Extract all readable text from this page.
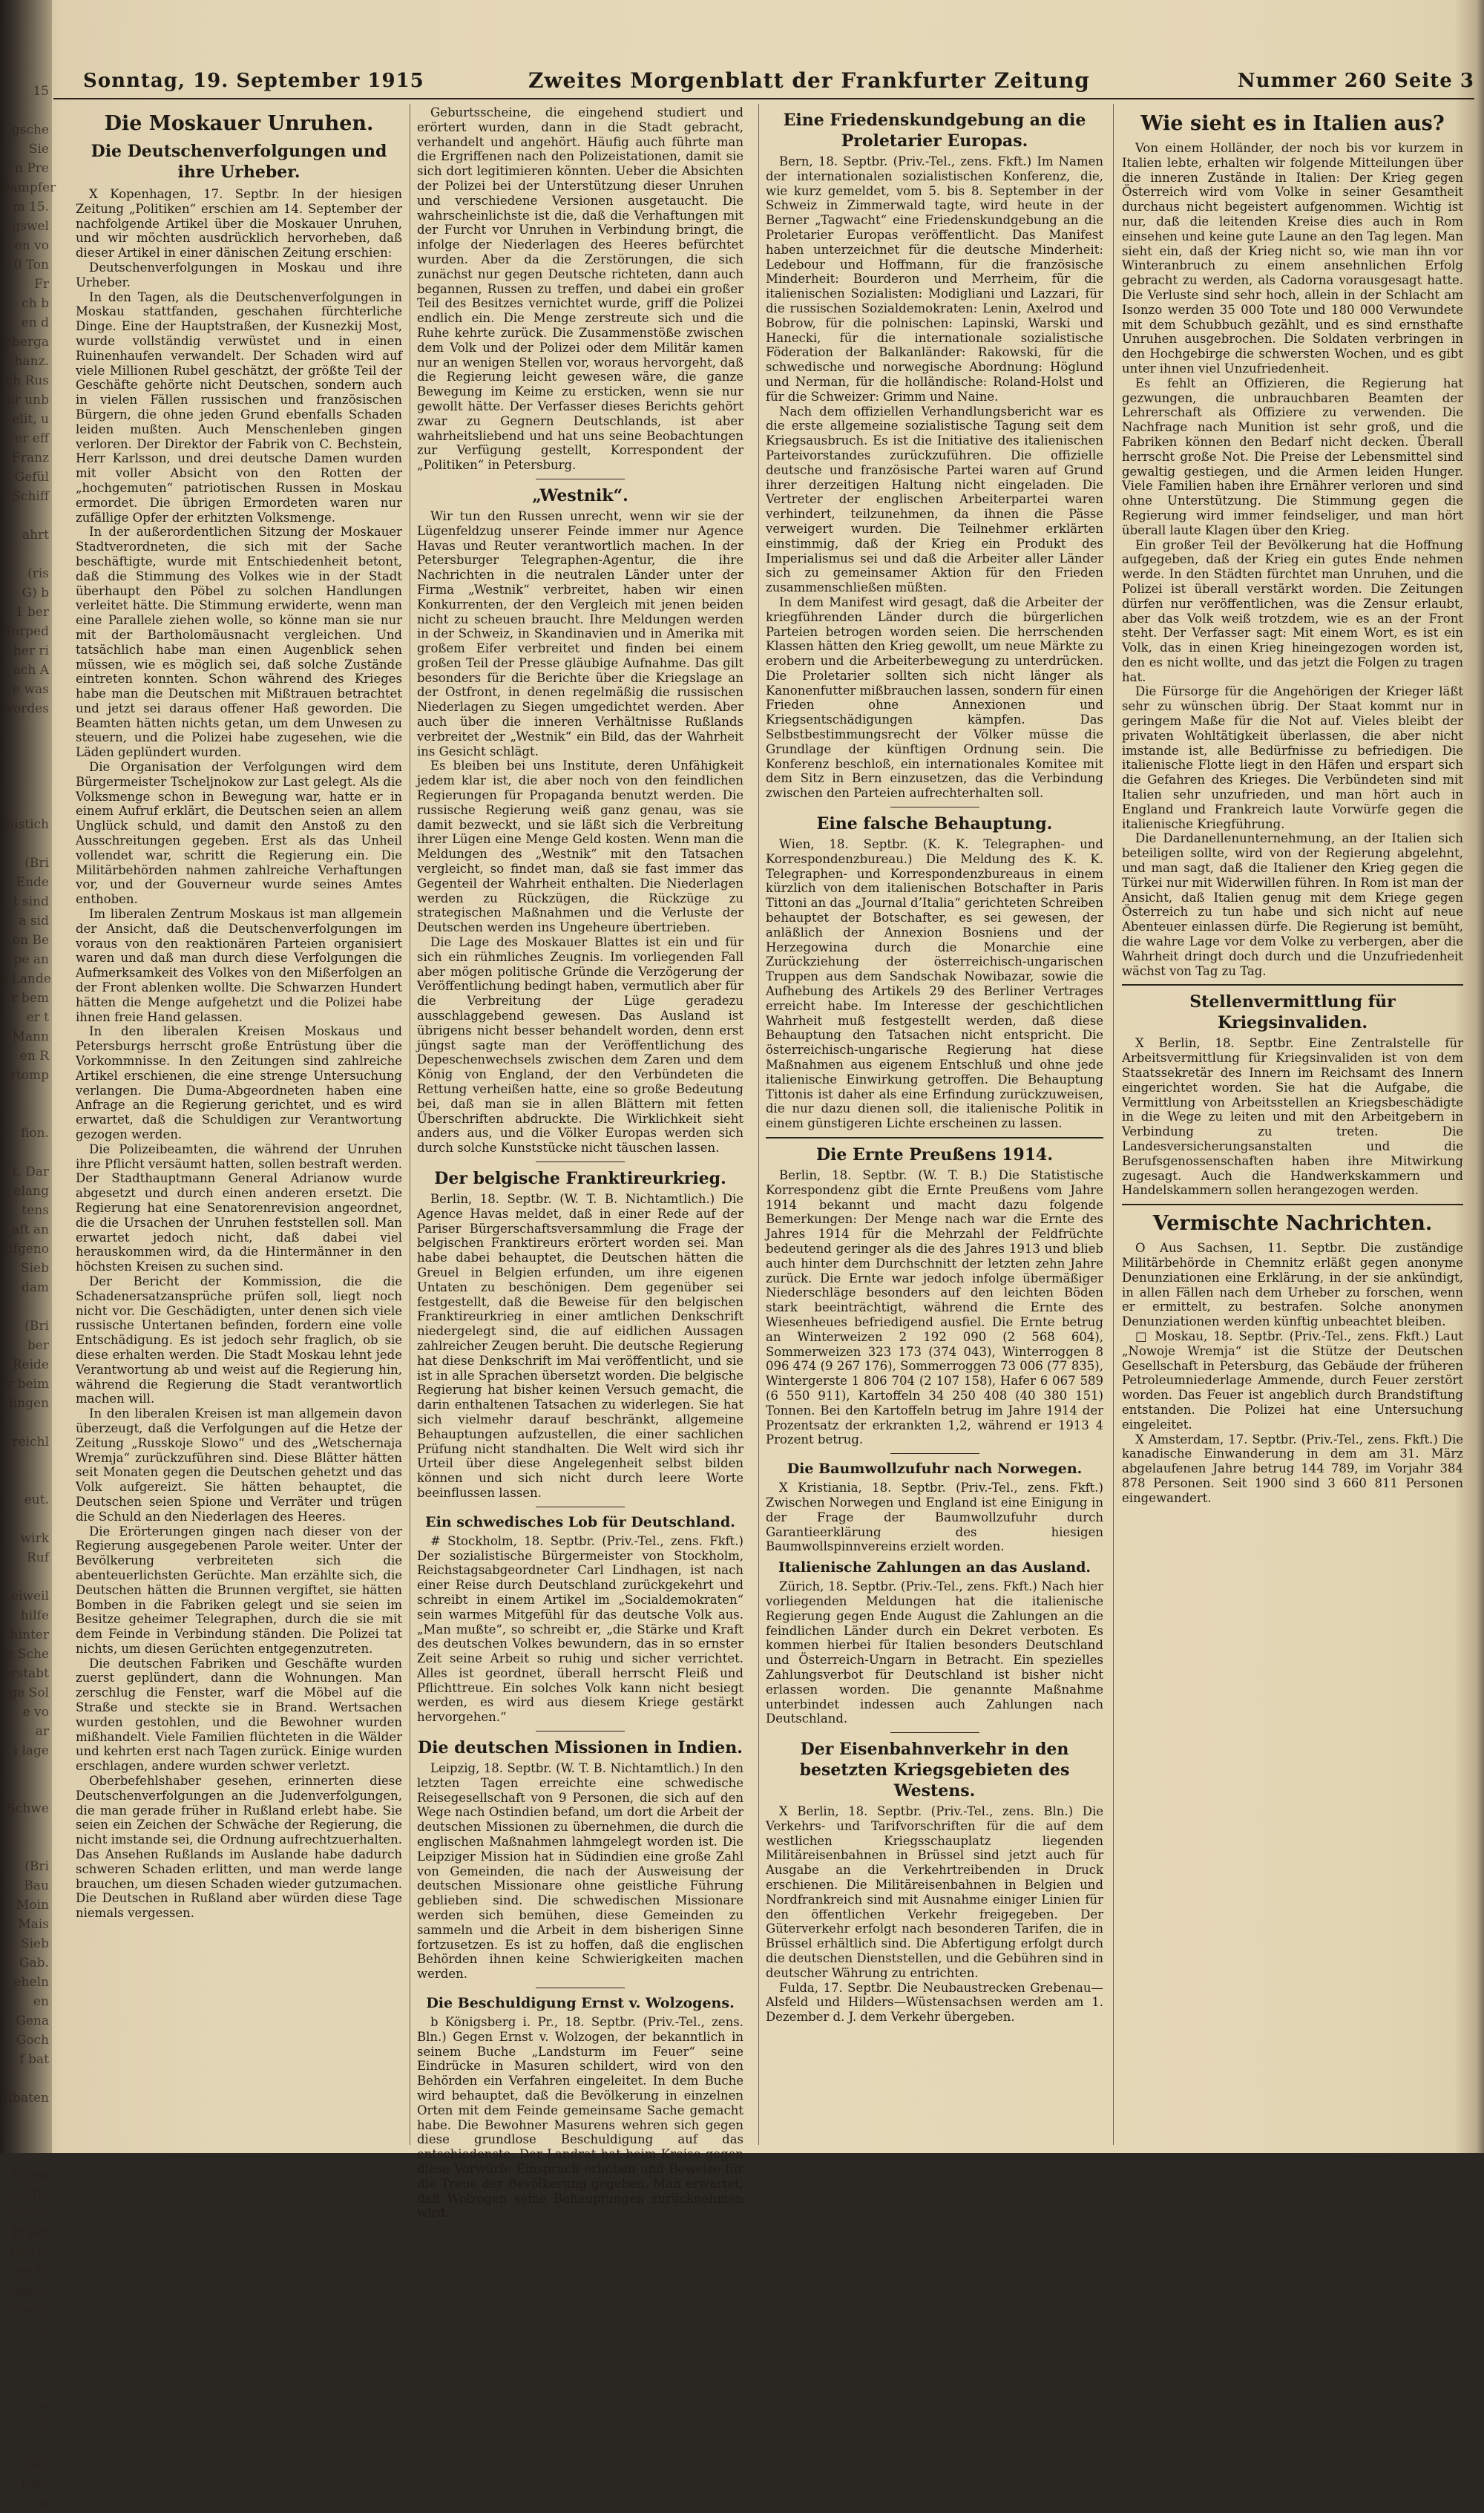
15

gsche
Sie
n Pre
Dampfer
m 15.
gswel
en vo
0 Ton
Fr
ch b
en d
eberga
hanz.
ch Rus
ur unb
elit, u
er eff
Franz
Gefül
Schiff

ahrt

(ris
G) b
1 ber
Torped
her ri
ach A
e was
wordes

inistich

(Bri
Ende
t sind
a sid
on Be
pe an
e Lande
r bem
er t
Mann
en R
rtomp

fion.

t. Dar
elang
tens
aft an
ufgeno
Sieb
dam

(Bri
ber
Reide
er beim
lingen

reichl

eut.

wirk
Ruf

eiweil
hilfe
hinter
te Sche
erstabt
ge Sol
e vo
ar
i lage

Schwe

(Bri
Bau
Moin
Mais
Sieb
Gab.
eheln
en
Gena
Goch
f bat

ifbaten

Beten
mittla
Ieruch
Ingen
Hierm
ige W
esen u
tsverb
n

e
h

Gor
hen.
a
Sonntag, 19. September 1915	Zweites Morgenblatt der Frankfurter Zeitung	Nummer 260 Seite 3
Die Moskauer Unruhen.
Die Deutschenverfolgungen und ihre Urheber.

X Kopenhagen, 17. Septbr. In der hiesigen Zeitung „Politiken“ erschien am 14. September der nachfolgende Artikel über die Moskauer Unruhen, und wir möchten ausdrücklich hervorheben, daß dieser Artikel in einer dänischen Zeitung erschien:

Deutschenverfolgungen in Moskau und ihre Urheber.

In den Tagen, als die Deutschenverfolgungen in Moskau stattfanden, geschahen fürchterliche Dinge. Eine der Hauptstraßen, der Kusnezkij Most, wurde vollständig verwüstet und in einen Ruinenhaufen verwandelt. Der Schaden wird auf viele Millionen Rubel geschätzt, der größte Teil der Geschäfte gehörte nicht Deutschen, sondern auch in vielen Fällen russischen und französischen Bürgern, die ohne jeden Grund ebenfalls Schaden leiden mußten. Auch Menschenleben gingen verloren. Der Direktor der Fabrik von C. Bechstein, Herr Karlsson, und drei deutsche Damen wurden mit voller Absicht von den Rotten der „hochgemuten“ patriotischen Russen in Moskau ermordet. Die übrigen Ermordeten waren nur zufällige Opfer der erhitzten Volksmenge.

In der außerordentlichen Sitzung der Moskauer Stadtverordneten, die sich mit der Sache beschäftigte, wurde mit Entschiedenheit betont, daß die Stimmung des Volkes wie in der Stadt überhaupt den Pöbel zu solchen Handlungen verleitet hätte. Die Stimmung erwiderte, wenn man eine Parallele ziehen wolle, so könne man sie nur mit der Bartholomäusnacht vergleichen. Und tatsächlich habe man einen Augenblick sehen müssen, wie es möglich sei, daß solche Zustände eintreten konnten. Schon während des Krieges habe man die Deutschen mit Mißtrauen betrachtet und jetzt sei daraus offener Haß geworden. Die Beamten hätten nichts getan, um dem Unwesen zu steuern, und die Polizei habe zugesehen, wie die Läden geplündert wurden.

Die Organisation der Verfolgungen wird dem Bürgermeister Tscheljnokow zur Last gelegt. Als die Volksmenge schon in Bewegung war, hatte er in einem Aufruf erklärt, die Deutschen seien an allem Unglück schuld, und damit den Anstoß zu den Ausschreitungen gegeben. Erst als das Unheil vollendet war, schritt die Regierung ein. Die Militärbehörden nahmen zahlreiche Verhaftungen vor, und der Gouverneur wurde seines Amtes enthoben.

Im liberalen Zentrum Moskaus ist man allgemein der Ansicht, daß die Deutschenverfolgungen im voraus von den reaktionären Parteien organisiert waren und daß man durch diese Verfolgungen die Aufmerksamkeit des Volkes von den Mißerfolgen an der Front ablenken wollte. Die Schwarzen Hundert hätten die Menge aufgehetzt und die Polizei habe ihnen freie Hand gelassen.

In den liberalen Kreisen Moskaus und Petersburgs herrscht große Entrüstung über die Vorkommnisse. In den Zeitungen sind zahlreiche Artikel erschienen, die eine strenge Untersuchung verlangen. Die Duma-Abgeordneten haben eine Anfrage an die Regierung gerichtet, und es wird erwartet, daß die Schuldigen zur Verantwortung gezogen werden.

Die Polizeibeamten, die während der Unruhen ihre Pflicht versäumt hatten, sollen bestraft werden. Der Stadthauptmann General Adrianow wurde abgesetzt und durch einen anderen ersetzt. Die Regierung hat eine Senatorenrevision angeordnet, die die Ursachen der Unruhen feststellen soll. Man erwartet jedoch nicht, daß dabei viel herauskommen wird, da die Hintermänner in den höchsten Kreisen zu suchen sind.

Der Bericht der Kommission, die die Schadenersatzansprüche prüfen soll, liegt noch nicht vor. Die Geschädigten, unter denen sich viele russische Untertanen befinden, fordern eine volle Entschädigung. Es ist jedoch sehr fraglich, ob sie diese erhalten werden. Die Stadt Moskau lehnt jede Verantwortung ab und weist auf die Regierung hin, während die Regierung die Stadt verantwortlich machen will.

In den liberalen Kreisen ist man allgemein davon überzeugt, daß die Verfolgungen auf die Hetze der Zeitung „Russkoje Slowo“ und des „Wetschernaja Wremja“ zurückzuführen sind. Diese Blätter hätten seit Monaten gegen die Deutschen gehetzt und das Volk aufgereizt. Sie hätten behauptet, die Deutschen seien Spione und Verräter und trügen die Schuld an den Niederlagen des Heeres.

Die Erörterungen gingen nach dieser von der Regierung ausgegebenen Parole weiter. Unter der Bevölkerung verbreiteten sich die abenteuerlichsten Gerüchte. Man erzählte sich, die Deutschen hätten die Brunnen vergiftet, sie hätten Bomben in die Fabriken gelegt und sie seien im Besitze geheimer Telegraphen, durch die sie mit dem Feinde in Verbindung ständen. Die Polizei tat nichts, um diesen Gerüchten entgegenzutreten.

Die deutschen Fabriken und Geschäfte wurden zuerst geplündert, dann die Wohnungen. Man zerschlug die Fenster, warf die Möbel auf die Straße und steckte sie in Brand. Wertsachen wurden gestohlen, und die Bewohner wurden mißhandelt. Viele Familien flüchteten in die Wälder und kehrten erst nach Tagen zurück. Einige wurden erschlagen, andere wurden schwer verletzt.

Oberbefehlshaber gesehen, erinnerten diese Deutschenverfolgungen an die Judenverfolgungen, die man gerade früher in Rußland erlebt habe. Sie seien ein Zeichen der Schwäche der Regierung, die nicht imstande sei, die Ordnung aufrechtzuerhalten. Das Ansehen Rußlands im Auslande habe dadurch schweren Schaden erlitten, und man werde lange brauchen, um diesen Schaden wieder gutzumachen. Die Deutschen in Rußland aber würden diese Tage niemals vergessen.

Geburtsscheine, die eingehend studiert und erörtert wurden, dann in die Stadt gebracht, verhandelt und angehört. Häufig auch führte man die Ergriffenen nach den Polizeistationen, damit sie sich dort legitimieren könnten. Ueber die Absichten der Polizei bei der Unterstützung dieser Unruhen und verschiedene Versionen ausgetaucht. Die wahrscheinlichste ist die, daß die Verhaftungen mit der Furcht vor Unruhen in Verbindung bringt, die infolge der Niederlagen des Heeres befürchtet wurden. Aber da die Zerstörungen, die sich zunächst nur gegen Deutsche richteten, dann auch begannen, Russen zu treffen, und dabei ein großer Teil des Besitzes vernichtet wurde, griff die Polizei endlich ein. Die Menge zerstreute sich und die Ruhe kehrte zurück. Die Zusammenstöße zwischen dem Volk und der Polizei oder dem Militär kamen nur an wenigen Stellen vor, woraus hervorgeht, daß die Regierung leicht gewesen wäre, die ganze Bewegung im Keime zu ersticken, wenn sie nur gewollt hätte. Der Verfasser dieses Berichts gehört zwar zu Gegnern Deutschlands, ist aber wahrheitsliebend und hat uns seine Beobachtungen zur Verfügung gestellt, Korrespondent der „Politiken“ in Petersburg.

„Westnik“.

Wir tun den Russen unrecht, wenn wir sie der Lügenfeldzug unserer Feinde immer nur Agence Havas und Reuter verantwortlich machen. In der Petersburger Telegraphen-Agentur, die ihre Nachrichten in die neutralen Länder unter der Firma „Westnik“ verbreitet, haben wir einen Konkurrenten, der den Vergleich mit jenen beiden nicht zu scheuen braucht. Ihre Meldungen werden in der Schweiz, in Skandinavien und in Amerika mit großem Eifer verbreitet und finden bei einem großen Teil der Presse gläubige Aufnahme. Das gilt besonders für die Berichte über die Kriegslage an der Ostfront, in denen regelmäßig die russischen Niederlagen zu Siegen umgedichtet werden. Aber auch über die inneren Verhältnisse Rußlands verbreitet der „Westnik“ ein Bild, das der Wahrheit ins Gesicht schlägt.

Es bleiben bei uns Institute, deren Unfähigkeit jedem klar ist, die aber noch von den feindlichen Regierungen für Propaganda benutzt werden. Die russische Regierung weiß ganz genau, was sie damit bezweckt, und sie läßt sich die Verbreitung ihrer Lügen eine Menge Geld kosten. Wenn man die Meldungen des „Westnik“ mit den Tatsachen vergleicht, so findet man, daß sie fast immer das Gegenteil der Wahrheit enthalten. Die Niederlagen werden zu Rückzügen, die Rückzüge zu strategischen Maßnahmen und die Verluste der Deutschen werden ins Ungeheure übertrieben.

Die Lage des Moskauer Blattes ist ein und für sich ein rühmliches Zeugnis. Im vorliegenden Fall aber mögen politische Gründe die Verzögerung der Veröffentlichung bedingt haben, vermutlich aber für die Verbreitung der Lüge geradezu ausschlaggebend gewesen. Das Ausland ist übrigens nicht besser behandelt worden, denn erst jüngst sagte man der Veröffentlichung des Depeschenwechsels zwischen dem Zaren und dem König von England, der den Verbündeten die Rettung verheißen hatte, eine so große Bedeutung bei, daß man sie in allen Blättern mit fetten Überschriften abdruckte. Die Wirklichkeit sieht anders aus, und die Völker Europas werden sich durch solche Kunststücke nicht täuschen lassen.

Der belgische Franktireurkrieg.

Berlin, 18. Septbr. (W. T. B. Nichtamtlich.) Die Agence Havas meldet, daß in einer Rede auf der Pariser Bürgerschaftsversammlung die Frage der belgischen Franktireurs erörtert worden sei. Man habe dabei behauptet, die Deutschen hätten die Greuel in Belgien erfunden, um ihre eigenen Untaten zu beschönigen. Dem gegenüber sei festgestellt, daß die Beweise für den belgischen Franktireurkrieg in einer amtlichen Denkschrift niedergelegt sind, die auf eidlichen Aussagen zahlreicher Zeugen beruht. Die deutsche Regierung hat diese Denkschrift im Mai veröffentlicht, und sie ist in alle Sprachen übersetzt worden. Die belgische Regierung hat bisher keinen Versuch gemacht, die darin enthaltenen Tatsachen zu widerlegen. Sie hat sich vielmehr darauf beschränkt, allgemeine Behauptungen aufzustellen, die einer sachlichen Prüfung nicht standhalten. Die Welt wird sich ihr Urteil über diese Angelegenheit selbst bilden können und sich nicht durch leere Worte beeinflussen lassen.

Ein schwedisches Lob für Deutschland.

# Stockholm, 18. Septbr. (Priv.-Tel., zens. Fkft.) Der sozialistische Bürgermeister von Stockholm, Reichstagsabgeordneter Carl Lindhagen, ist nach einer Reise durch Deutschland zurückgekehrt und schreibt in einem Artikel im „Socialdemokraten“ sein warmes Mitgefühl für das deutsche Volk aus. „Man mußte“, so schreibt er, „die Stärke und Kraft des deutschen Volkes bewundern, das in so ernster Zeit seine Arbeit so ruhig und sicher verrichtet. Alles ist geordnet, überall herrscht Fleiß und Pflichttreue. Ein solches Volk kann nicht besiegt werden, es wird aus diesem Kriege gestärkt hervorgehen.“

Die deutschen Missionen in Indien.

Leipzig, 18. Septbr. (W. T. B. Nichtamtlich.) In den letzten Tagen erreichte eine schwedische Reisegesellschaft von 9 Personen, die sich auf den Wege nach Ostindien befand, um dort die Arbeit der deutschen Missionen zu übernehmen, die durch die englischen Maßnahmen lahmgelegt worden ist. Die Leipziger Mission hat in Südindien eine große Zahl von Gemeinden, die nach der Ausweisung der deutschen Missionare ohne geistliche Führung geblieben sind. Die schwedischen Missionare werden sich bemühen, diese Gemeinden zu sammeln und die Arbeit in dem bisherigen Sinne fortzusetzen. Es ist zu hoffen, daß die englischen Behörden ihnen keine Schwierigkeiten machen werden.

Die Beschuldigung Ernst v. Wolzogens.

b Königsberg i. Pr., 18. Septbr. (Priv.-Tel., zens. Bln.) Gegen Ernst v. Wolzogen, der bekanntlich in seinem Buche „Landsturm im Feuer“ seine Eindrücke in Masuren schildert, wird von den Behörden ein Verfahren eingeleitet. In dem Buche wird behauptet, daß die Bevölkerung in einzelnen Orten mit dem Feinde gemeinsame Sache gemacht habe. Die Bewohner Masurens wehren sich gegen diese grundlose Beschuldigung auf das entschiedenste. Der Landrat hat beim Kreise gegen diese Vorwürfe Einspruch erhoben und Beweise für die Treue der Bevölkerung gegeben. Man erwartet, daß Wolzogen seine Behauptungen zurücknehmen wird.

Eine Friedenskundgebung an die Proletarier Europas.

Bern, 18. Septbr. (Priv.-Tel., zens. Fkft.) Im Namen der internationalen sozialistischen Konferenz, die, wie kurz gemeldet, vom 5. bis 8. September in der Schweiz in Zimmerwald tagte, wird heute in der Berner „Tagwacht“ eine Friedenskundgebung an die Proletarier Europas veröffentlicht. Das Manifest haben unterzeichnet für die deutsche Minderheit: Ledebour und Hoffmann, für die französische Minderheit: Bourderon und Merrheim, für die italienischen Sozialisten: Modigliani und Lazzari, für die russischen Sozialdemokraten: Lenin, Axelrod und Bobrow, für die polnischen: Lapinski, Warski und Hanecki, für die internationale sozialistische Föderation der Balkanländer: Rakowski, für die schwedische und norwegische Abordnung: Höglund und Nerman, für die holländische: Roland-Holst und für die Schweizer: Grimm und Naine.

Nach dem offiziellen Verhandlungsbericht war es die erste allgemeine sozialistische Tagung seit dem Kriegsausbruch. Es ist die Initiative des italienischen Parteivorstandes zurückzuführen. Die offizielle deutsche und französische Partei waren auf Grund ihrer derzeitigen Haltung nicht eingeladen. Die Vertreter der englischen Arbeiterpartei waren verhindert, teilzunehmen, da ihnen die Pässe verweigert wurden. Die Teilnehmer erklärten einstimmig, daß der Krieg ein Produkt des Imperialismus sei und daß die Arbeiter aller Länder sich zu gemeinsamer Aktion für den Frieden zusammenschließen müßten.

In dem Manifest wird gesagt, daß die Arbeiter der kriegführenden Länder durch die bürgerlichen Parteien betrogen worden seien. Die herrschenden Klassen hätten den Krieg gewollt, um neue Märkte zu erobern und die Arbeiterbewegung zu unterdrücken. Die Proletarier sollten sich nicht länger als Kanonenfutter mißbrauchen lassen, sondern für einen Frieden ohne Annexionen und Kriegsentschädigungen kämpfen. Das Selbstbestimmungsrecht der Völker müsse die Grundlage der künftigen Ordnung sein. Die Konferenz beschloß, ein internationales Komitee mit dem Sitz in Bern einzusetzen, das die Verbindung zwischen den Parteien aufrechterhalten soll.

Eine falsche Behauptung.

Wien, 18. Septbr. (K. K. Telegraphen- und Korrespondenzbureau.) Die Meldung des K. K. Telegraphen- und Korrespondenzbureaus in einem kürzlich von dem italienischen Botschafter in Paris Tittoni an das „Journal d’Italia“ gerichteten Schreiben behauptet der Botschafter, es sei gewesen, der anläßlich der Annexion Bosniens und der Herzegowina durch die Monarchie eine Zurückziehung der österreichisch-ungarischen Truppen aus dem Sandschak Nowibazar, sowie die Aufhebung des Artikels 29 des Berliner Vertrages erreicht habe. Im Interesse der geschichtlichen Wahrheit muß festgestellt werden, daß diese Behauptung den Tatsachen nicht entspricht. Die österreichisch-ungarische Regierung hat diese Maßnahmen aus eigenem Entschluß und ohne jede italienische Einwirkung getroffen. Die Behauptung Tittonis ist daher als eine Erfindung zurückzuweisen, die nur dazu dienen soll, die italienische Politik in einem günstigeren Lichte erscheinen zu lassen.

Die Ernte Preußens 1914.

Berlin, 18. Septbr. (W. T. B.) Die Statistische Korrespondenz gibt die Ernte Preußens vom Jahre 1914 bekannt und macht dazu folgende Bemerkungen: Der Menge nach war die Ernte des Jahres 1914 für die Mehrzahl der Feldfrüchte bedeutend geringer als die des Jahres 1913 und blieb auch hinter dem Durchschnitt der letzten zehn Jahre zurück. Die Ernte war jedoch infolge übermäßiger Niederschläge besonders auf den leichten Böden stark beeinträchtigt, während die Ernte des Wiesenheues befriedigend ausfiel. Die Ernte betrug an Winterweizen 2 192 090 (2 568 604), Sommerweizen 323 173 (374 043), Winterroggen 8 096 474 (9 267 176), Sommerroggen 73 006 (77 835), Wintergerste 1 806 704 (2 107 158), Hafer 6 067 589 (6 550 911), Kartoffeln 34 250 408 (40 380 151) Tonnen. Bei den Kartoffeln betrug im Jahre 1914 der Prozentsatz der erkrankten 1,2, während er 1913 4 Prozent betrug.

Die Baumwollzufuhr nach Norwegen.

X Kristiania, 18. Septbr. (Priv.-Tel., zens. Fkft.) Zwischen Norwegen und England ist eine Einigung in der Frage der Baumwollzufuhr durch Garantieerklärung des hiesigen Baumwollspinnvereins erzielt worden.

Italienische Zahlungen an das Ausland.

Zürich, 18. Septbr. (Priv.-Tel., zens. Fkft.) Nach hier vorliegenden Meldungen hat die italienische Regierung gegen Ende August die Zahlungen an die feindlichen Länder durch ein Dekret verboten. Es kommen hierbei für Italien besonders Deutschland und Österreich-Ungarn in Betracht. Ein spezielles Zahlungsverbot für Deutschland ist bisher nicht erlassen worden. Die genannte Maßnahme unterbindet indessen auch Zahlungen nach Deutschland.

Der Eisenbahnverkehr in den besetzten Kriegsgebieten des Westens.

X Berlin, 18. Septbr. (Priv.-Tel., zens. Bln.) Die Verkehrs- und Tarifvorschriften für die auf dem westlichen Kriegsschauplatz liegenden Militäreisenbahnen in Brüssel sind jetzt auch für Ausgabe an die Verkehrtreibenden in Druck erschienen. Die Militäreisenbahnen in Belgien und Nordfrankreich sind mit Ausnahme einiger Linien für den öffentlichen Verkehr freigegeben. Der Güterverkehr erfolgt nach besonderen Tarifen, die in Brüssel erhältlich sind. Die Abfertigung erfolgt durch die deutschen Dienststellen, und die Gebühren sind in deutscher Währung zu entrichten.

Fulda, 17. Septbr. Die Neubaustrecken Grebenau—Alsfeld und Hilders—Wüstensachsen werden am 1. Dezember d. J. dem Verkehr übergeben.

Wie sieht es in Italien aus?

Von einem Holländer, der noch bis vor kurzem in Italien lebte, erhalten wir folgende Mitteilungen über die inneren Zustände in Italien: Der Krieg gegen Österreich wird vom Volke in seiner Gesamtheit durchaus nicht begeistert aufgenommen. Wichtig ist nur, daß die leitenden Kreise dies auch in Rom einsehen und keine gute Laune an den Tag legen. Man sieht ein, daß der Krieg nicht so, wie man ihn vor Winteranbruch zu einem ansehnlichen Erfolg gebracht zu werden, als Cadorna vorausgesagt hatte. Die Verluste sind sehr hoch, allein in der Schlacht am Isonzo werden 35 000 Tote und 180 000 Verwundete mit dem Schubbuch gezählt, und es sind ernsthafte Unruhen ausgebrochen. Die Soldaten verbringen in den Hochgebirge die schwersten Wochen, und es gibt unter ihnen viel Unzufriedenheit.

Es fehlt an Offizieren, die Regierung hat gezwungen, die unbrauchbaren Beamten der Lehrerschaft als Offiziere zu verwenden. Die Nachfrage nach Munition ist sehr groß, und die Fabriken können den Bedarf nicht decken. Überall herrscht große Not. Die Preise der Lebensmittel sind gewaltig gestiegen, und die Armen leiden Hunger. Viele Familien haben ihre Ernährer verloren und sind ohne Unterstützung. Die Stimmung gegen die Regierung wird immer feindseliger, und man hört überall laute Klagen über den Krieg.

Ein großer Teil der Bevölkerung hat die Hoffnung aufgegeben, daß der Krieg ein gutes Ende nehmen werde. In den Städten fürchtet man Unruhen, und die Polizei ist überall verstärkt worden. Die Zeitungen dürfen nur veröffentlichen, was die Zensur erlaubt, aber das Volk weiß trotzdem, wie es an der Front steht. Der Verfasser sagt: Mit einem Wort, es ist ein Volk, das in einen Krieg hineingezogen worden ist, den es nicht wollte, und das jetzt die Folgen zu tragen hat.

Die Fürsorge für die Angehörigen der Krieger läßt sehr zu wünschen übrig. Der Staat kommt nur in geringem Maße für die Not auf. Vieles bleibt der privaten Wohltätigkeit überlassen, die aber nicht imstande ist, alle Bedürfnisse zu befriedigen. Die italienische Flotte liegt in den Häfen und erspart sich die Gefahren des Krieges. Die Verbündeten sind mit Italien sehr unzufrieden, und man hört auch in England und Frankreich laute Vorwürfe gegen die italienische Kriegführung.

Die Dardanellenunternehmung, an der Italien sich beteiligen sollte, wird von der Regierung abgelehnt, und man sagt, daß die Italiener den Krieg gegen die Türkei nur mit Widerwillen führen. In Rom ist man der Ansicht, daß Italien genug mit dem Kriege gegen Österreich zu tun habe und sich nicht auf neue Abenteuer einlassen dürfe. Die Regierung ist bemüht, die wahre Lage vor dem Volke zu verbergen, aber die Wahrheit dringt doch durch und die Unzufriedenheit wächst von Tag zu Tag.

Stellenvermittlung für Kriegsinvaliden.

X Berlin, 18. Septbr. Eine Zentralstelle für Arbeitsvermittlung für Kriegsinvaliden ist von dem Staatssekretär des Innern im Reichsamt des Innern eingerichtet worden. Sie hat die Aufgabe, die Vermittlung von Arbeitsstellen an Kriegsbeschädigte in die Wege zu leiten und mit den Arbeitgebern in Verbindung zu treten. Die Landesversicherungsanstalten und die Berufsgenossenschaften haben ihre Mitwirkung zugesagt. Auch die Handwerkskammern und Handelskammern sollen herangezogen werden.

Vermischte Nachrichten.

O Aus Sachsen, 11. Septbr. Die zuständige Militärbehörde in Chemnitz erläßt gegen anonyme Denunziationen eine Erklärung, in der sie ankündigt, in allen Fällen nach dem Urheber zu forschen, wenn er ermittelt, zu bestrafen. Solche anonymen Denunziationen werden künftig unbeachtet bleiben.

□ Moskau, 18. Septbr. (Priv.-Tel., zens. Fkft.) Laut „Nowoje Wremja“ ist die Stütze der Deutschen Gesellschaft in Petersburg, das Gebäude der früheren Petroleumniederlage Ammende, durch Feuer zerstört worden. Das Feuer ist angeblich durch Brandstiftung entstanden. Die Polizei hat eine Untersuchung eingeleitet.

X Amsterdam, 17. Septbr. (Priv.-Tel., zens. Fkft.) Die kanadische Einwanderung in dem am 31. März abgelaufenen Jahre betrug 144 789, im Vorjahr 384 878 Personen. Seit 1900 sind 3 660 811 Personen eingewandert.
